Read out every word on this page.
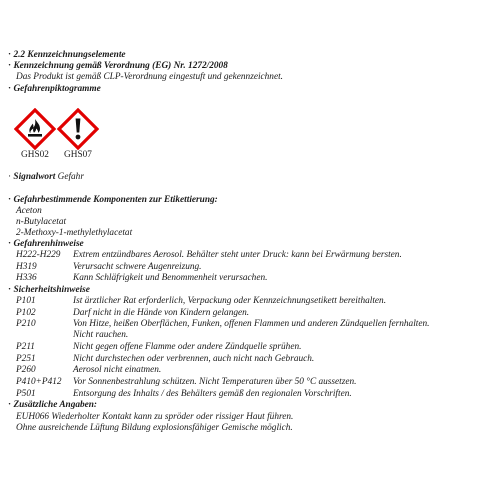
· 2.2 Kennzeichnungselemente
· Kennzeichnung gemäß Verordnung (EG) Nr. 1272/2008
Das Produkt ist gemäß CLP-Verordnung eingestuft und gekennzeichnet.
· Gefahrenpiktogramme
GHS02	GHS07
· Signalwort Gefahr
· Gefahrbestimmende Komponenten zur Etikettierung:
Aceton
n-Butylacetat
2-Methoxy-1-methylethylacetat
· Gefahrenhinweise
H222-H229 Extrem entzündbares Aerosol. Behälter steht unter Druck: kann bei Erwärmung bersten.
H319	Verursacht schwere Augenreizung.
H336	Kann Schläfrigkeit und Benommenheit verursachen.
· Sicherheitshinweise
P101	Ist ärztlicher Rat erforderlich, Verpackung oder Kennzeichnungsetikett bereithalten.
P102	Darf nicht in die Hände von Kindern gelangen.
P210	Von Hitze, heißen Oberflächen, Funken, offenen Flammen und anderen Zündquellen fernhalten.
Nicht rauchen.
P211	Nicht gegen offene Flamme oder andere Zündquelle sprühen.
P251	Nicht durchstechen oder verbrennen, auch nicht nach Gebrauch.
P260	Aerosol nicht einatmen.
P410+P412 Vor Sonnenbestrahlung schützen. Nicht Temperaturen über 50 °C aussetzen.
P501	Entsorgung des Inhalts / des Behälters gemäß den regionalen Vorschriften.
· Zusätzliche Angaben:
EUH066 Wiederholter Kontakt kann zu spröder oder rissiger Haut führen.
Ohne ausreichende Lüftung Bildung explosionsfähiger Gemische möglich.
